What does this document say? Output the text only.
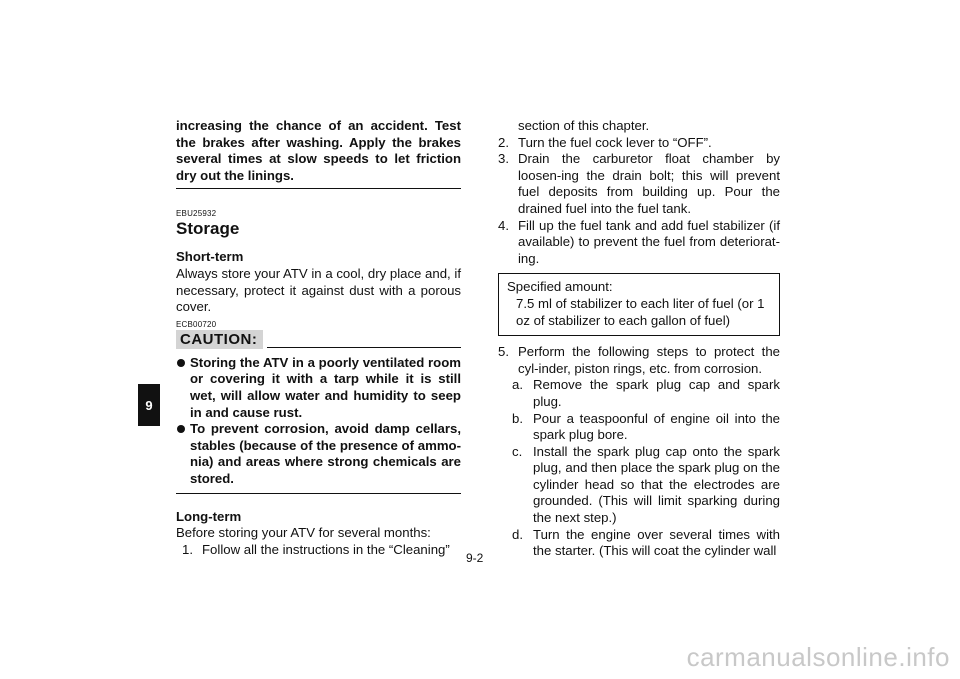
9
increasing the chance of an accident. Test the brakes after washing. Apply the brakes several times at slow speeds to let friction dry out the linings.
EBU25932
Storage
Short-term
Always store your ATV in a cool, dry place and, if necessary, protect it against dust with a porous cover.
ECB00720
CAUTION:
Storing the ATV in a poorly ventilated room or covering it with a tarp while it is still wet, will allow water and humidity to seep in and cause rust.
To prevent corrosion, avoid damp cellars, stables (because of the presence of ammo-nia) and areas where strong chemicals are stored.
Long-term
Before storing your ATV for several months:
1. Follow all the instructions in the “Cleaning”
section of this chapter.
2. Turn the fuel cock lever to “OFF”.
3. Drain the carburetor float chamber by loosen-ing the drain bolt; this will prevent fuel deposits from building up. Pour the drained fuel into the fuel tank.
4. Fill up the fuel tank and add fuel stabilizer (if available) to prevent the fuel from deteriorat-ing.
Specified amount:
7.5 ml of stabilizer to each liter of fuel (or 1 oz of stabilizer to each gallon of fuel)
5. Perform the following steps to protect the cyl-inder, piston rings, etc. from corrosion.
a. Remove the spark plug cap and spark plug.
b. Pour a teaspoonful of engine oil into the spark plug bore.
c. Install the spark plug cap onto the spark plug, and then place the spark plug on the cylinder head so that the electrodes are grounded. (This will limit sparking during the next step.)
d. Turn the engine over several times with the starter. (This will coat the cylinder wall
9-2
carmanualsonline.info
